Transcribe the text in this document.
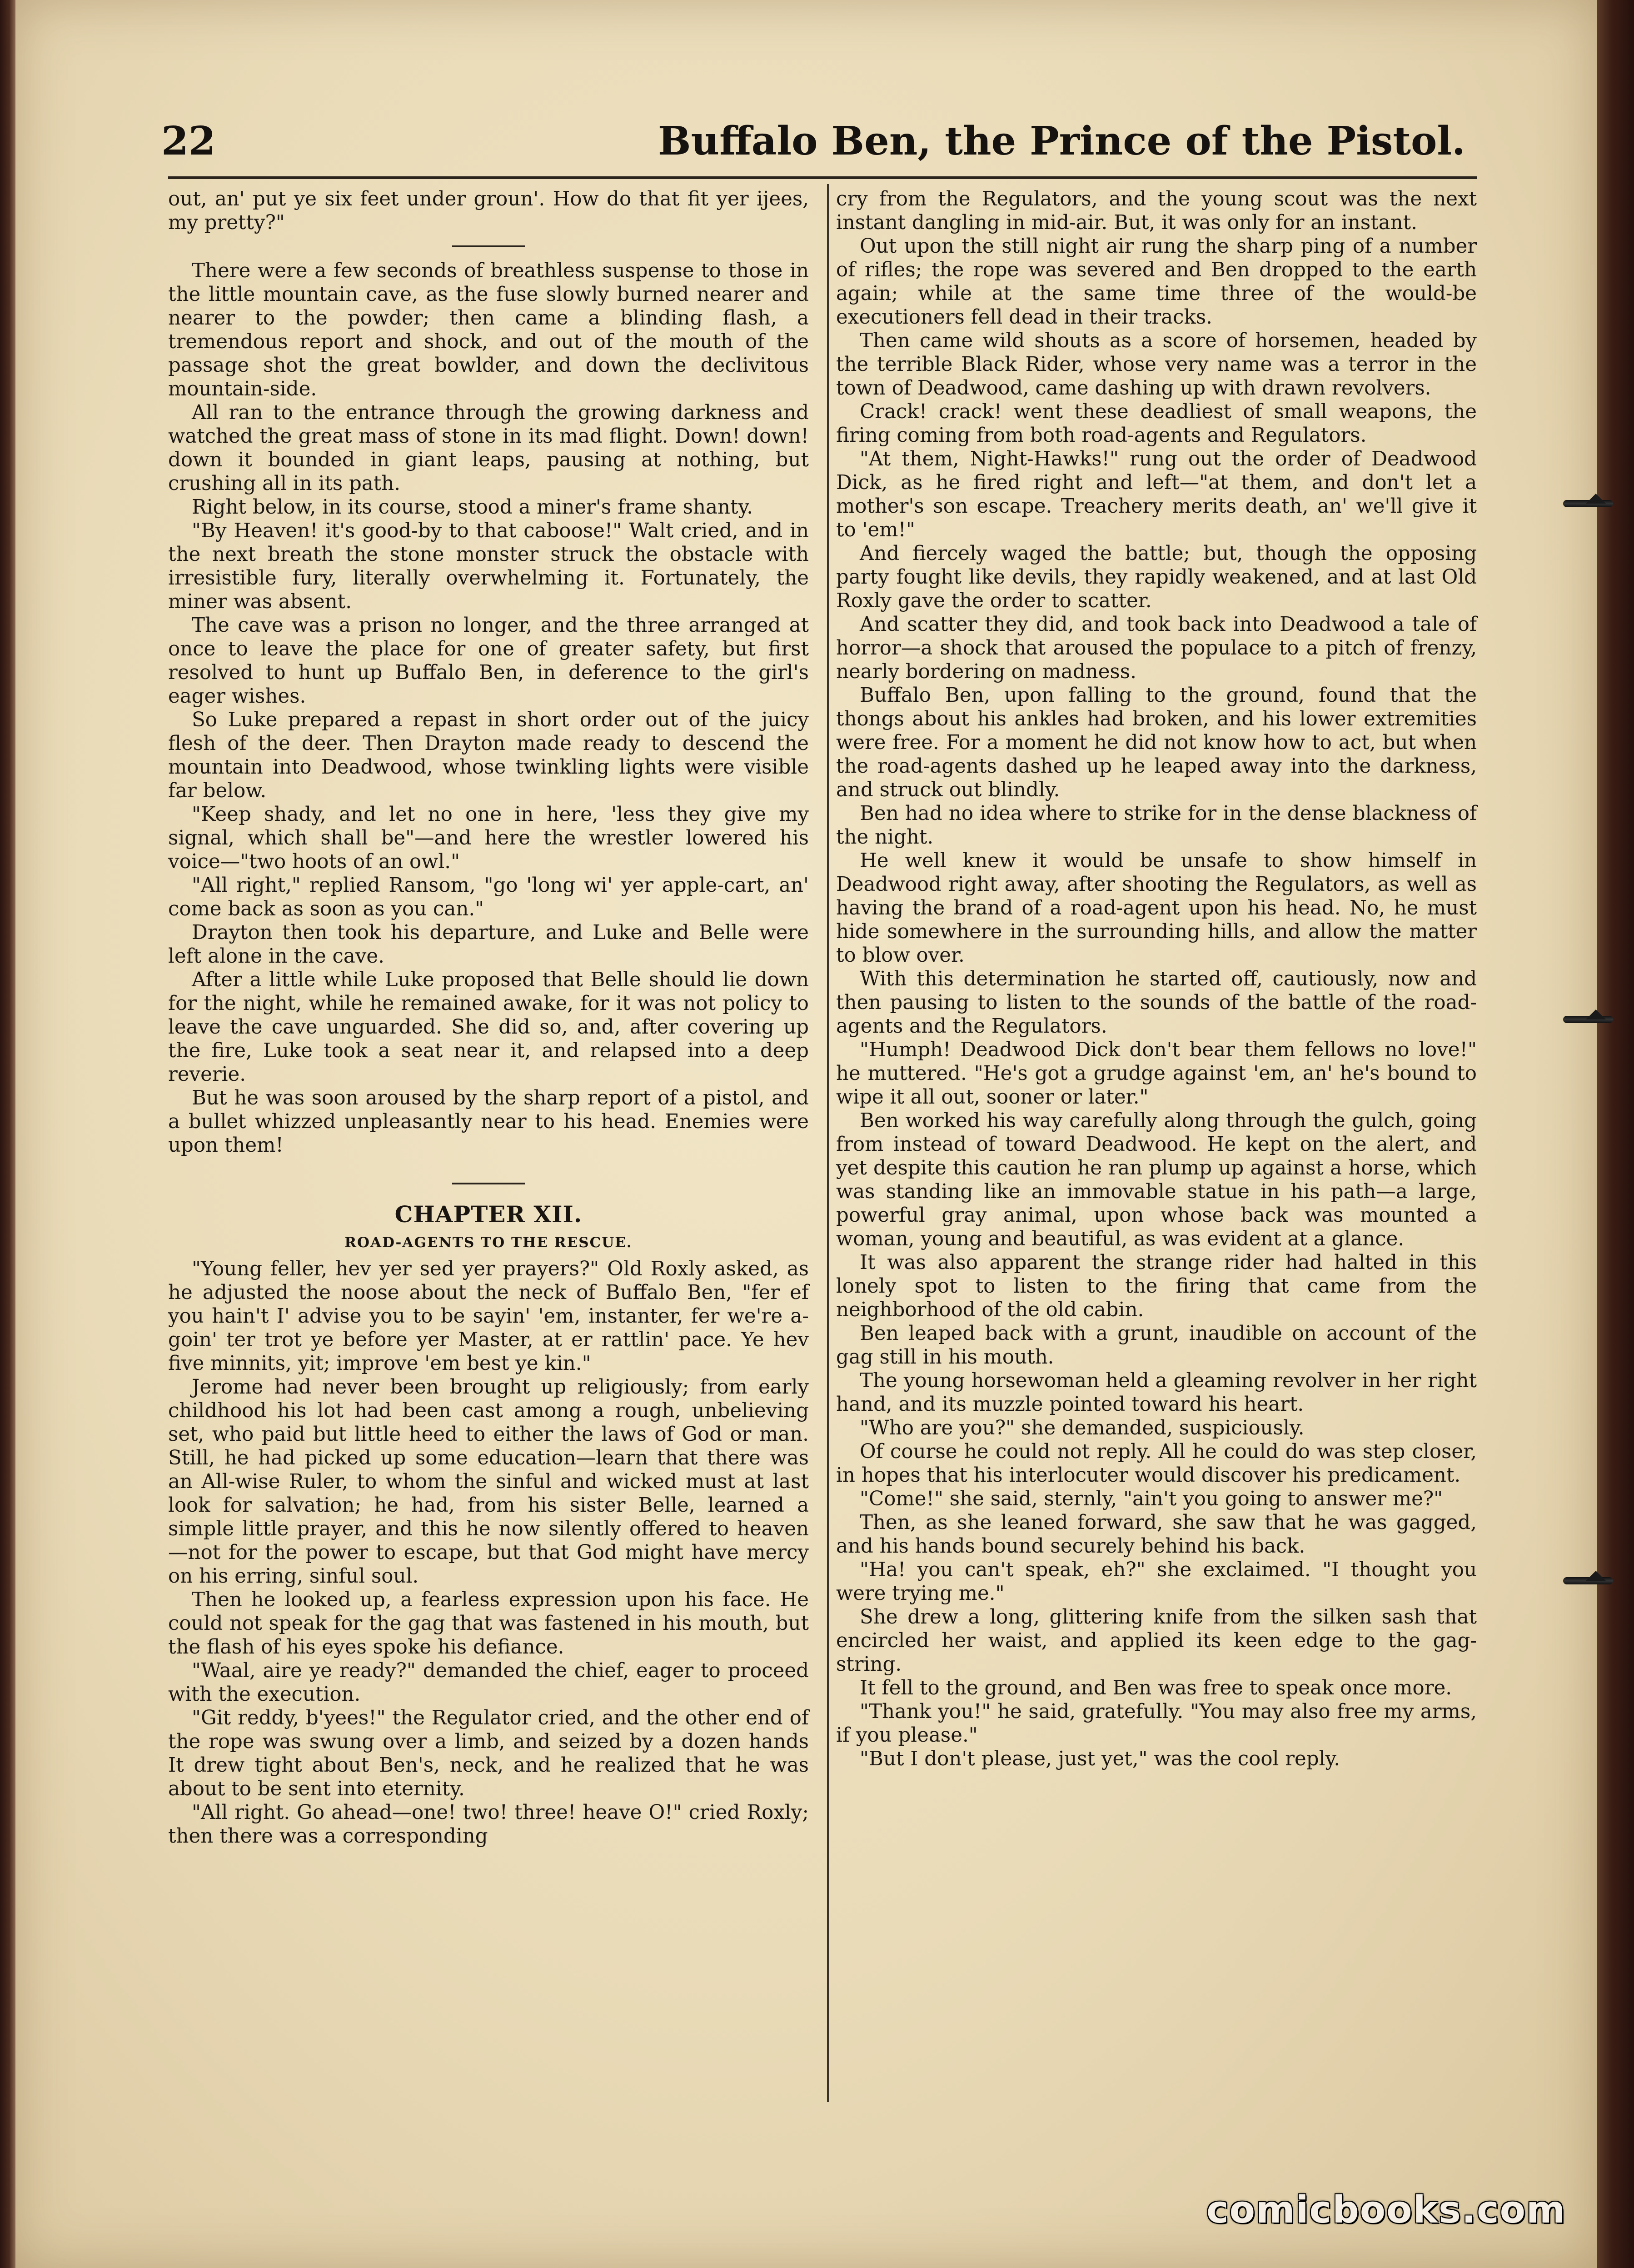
22	Buffalo Ben, the Prince of the Pistol.

out, an' put ye six feet under groun'. How do that fit yer ijees, my pretty?"

There were a few seconds of breathless suspense to those in the little mountain cave, as the fuse slowly burned nearer and nearer to the powder; then came a blinding flash, a tremendous report and shock, and out of the mouth of the passage shot the great bowlder, and down the declivitous mountain-side.

All ran to the entrance through the growing darkness and watched the great mass of stone in its mad flight. Down! down! down it bounded in giant leaps, pausing at nothing, but crushing all in its path.

Right below, in its course, stood a miner's frame shanty.

"By Heaven! it's good-by to that caboose!" Walt cried, and in the next breath the stone monster struck the obstacle with irresistible fury, literally overwhelming it. Fortunately, the miner was absent.

The cave was a prison no longer, and the three arranged at once to leave the place for one of greater safety, but first resolved to hunt up Buffalo Ben, in deference to the girl's eager wishes.

So Luke prepared a repast in short order out of the juicy flesh of the deer. Then Drayton made ready to descend the mountain into Deadwood, whose twinkling lights were visible far below.

"Keep shady, and let no one in here, 'less they give my signal, which shall be"—and here the wrestler lowered his voice—"two hoots of an owl."

"All right," replied Ransom, "go 'long wi' yer apple-cart, an' come back as soon as you can."

Drayton then took his departure, and Luke and Belle were left alone in the cave.

After a little while Luke proposed that Belle should lie down for the night, while he remained awake, for it was not policy to leave the cave unguarded. She did so, and, after covering up the fire, Luke took a seat near it, and relapsed into a deep reverie.

But he was soon aroused by the sharp report of a pistol, and a bullet whizzed unpleasantly near to his head. Enemies were upon them!

CHAPTER XII.
ROAD-AGENTS TO THE RESCUE.

"Young feller, hev yer sed yer prayers?" Old Roxly asked, as he adjusted the noose about the neck of Buffalo Ben, "fer ef you hain't I' advise you to be sayin' 'em, instanter, fer we're a-goin' ter trot ye before yer Master, at er rattlin' pace. Ye hev five minnits, yit; improve 'em best ye kin."

Jerome had never been brought up religiously; from early childhood his lot had been cast among a rough, unbelieving set, who paid but little heed to either the laws of God or man. Still, he had picked up some education—learn that there was an All-wise Ruler, to whom the sinful and wicked must at last look for salvation; he had, from his sister Belle, learned a simple little prayer, and this he now silently offered to heaven—not for the power to escape, but that God might have mercy on his erring, sinful soul.

Then he looked up, a fearless expression upon his face. He could not speak for the gag that was fastened in his mouth, but the flash of his eyes spoke his defiance.

"Waal, aire ye ready?" demanded the chief, eager to proceed with the execution.

"Git reddy, b'yees!" the Regulator cried, and the other end of the rope was swung over a limb, and seized by a dozen hands It drew tight about Ben's, neck, and he realized that he was about to be sent into eternity.

"All right. Go ahead—one! two! three! heave O!" cried Roxly; then there was a corresponding

cry from the Regulators, and the young scout was the next instant dangling in mid-air. But, it was only for an instant.

Out upon the still night air rung the sharp ping of a number of rifles; the rope was severed and Ben dropped to the earth again; while at the same time three of the would-be executioners fell dead in their tracks.

Then came wild shouts as a score of horsemen, headed by the terrible Black Rider, whose very name was a terror in the town of Deadwood, came dashing up with drawn revolvers.

Crack! crack! went these deadliest of small weapons, the firing coming from both road-agents and Regulators.

"At them, Night-Hawks!" rung out the order of Deadwood Dick, as he fired right and left—"at them, and don't let a mother's son escape. Treachery merits death, an' we'll give it to 'em!"

And fiercely waged the battle; but, though the opposing party fought like devils, they rapidly weakened, and at last Old Roxly gave the order to scatter.

And scatter they did, and took back into Deadwood a tale of horror—a shock that aroused the populace to a pitch of frenzy, nearly bordering on madness.

Buffalo Ben, upon falling to the ground, found that the thongs about his ankles had broken, and his lower extremities were free. For a moment he did not know how to act, but when the road-agents dashed up he leaped away into the darkness, and struck out blindly.

Ben had no idea where to strike for in the dense blackness of the night.

He well knew it would be unsafe to show himself in Deadwood right away, after shooting the Regulators, as well as having the brand of a road-agent upon his head. No, he must hide somewhere in the surrounding hills, and allow the matter to blow over.

With this determination he started off, cautiously, now and then pausing to listen to the sounds of the battle of the road-agents and the Regulators.

"Humph! Deadwood Dick don't bear them fellows no love!" he muttered. "He's got a grudge against 'em, an' he's bound to wipe it all out, sooner or later."

Ben worked his way carefully along through the gulch, going from instead of toward Deadwood. He kept on the alert, and yet despite this caution he ran plump up against a horse, which was standing like an immovable statue in his path—a large, powerful gray animal, upon whose back was mounted a woman, young and beautiful, as was evident at a glance.

It was also apparent the strange rider had halted in this lonely spot to listen to the firing that came from the neighborhood of the old cabin.

Ben leaped back with a grunt, inaudible on account of the gag still in his mouth.

The young horsewoman held a gleaming revolver in her right hand, and its muzzle pointed toward his heart.

"Who are you?" she demanded, suspiciously.

Of course he could not reply. All he could do was step closer, in hopes that his interlocuter would discover his predicament.

"Come!" she said, sternly, "ain't you going to answer me?"

Then, as she leaned forward, she saw that he was gagged, and his hands bound securely behind his back.

"Ha! you can't speak, eh?" she exclaimed. "I thought you were trying me."

She drew a long, glittering knife from the silken sash that encircled her waist, and applied its keen edge to the gag-string.

It fell to the ground, and Ben was free to speak once more.

"Thank you!" he said, gratefully. "You may also free my arms, if you please."

"But I don't please, just yet," was the cool reply.

comicbooks.com
